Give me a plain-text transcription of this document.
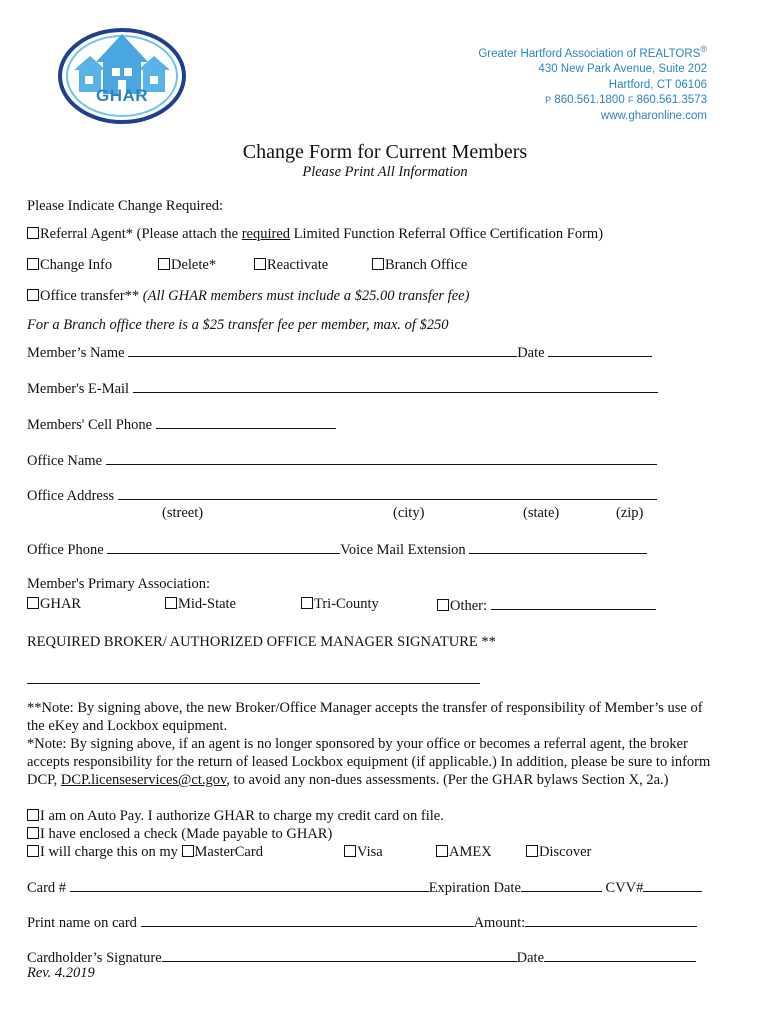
GHAR
Greater Hartford Association of REALTORS®
430 New Park Avenue, Suite 202
Hartford, CT 06106
P 860.561.1800 F 860.561.3573
www.gharonline.com
Change Form for Current Members
Please Print All Information
Please Indicate Change Required:
Referral Agent* (Please attach the required Limited Function Referral Office Certification Form)
Change Info	Delete*	Reactivate	Branch Office
Office transfer** (All GHAR members must include a $25.00 transfer fee)
For a Branch office there is a $25 transfer fee per member, max. of $250
Member’s Name	Date
Member's E-Mail
Members' Cell Phone
Office Name
Office Address
(street)	(city)	(state)	(zip)
Office Phone	Voice Mail Extension
Member's Primary Association:
GHAR	Mid-State	Tri-County	Other:
REQUIRED BROKER/ AUTHORIZED OFFICE MANAGER SIGNATURE **
**Note: By signing above, the new Broker/Office Manager accepts the transfer of responsibility of Member’s use of
the eKey and Lockbox equipment.
*Note: By signing above, if an agent is no longer sponsored by your office or becomes a referral agent, the broker
accepts responsibility for the return of leased Lockbox equipment (if applicable.) In addition, please be sure to inform
DCP, DCP.licenseservices@ct.gov, to avoid any non-dues assessments. (Per the GHAR bylaws Section X, 2a.)
I am on Auto Pay. I authorize GHAR to charge my credit card on file.
I have enclosed a check (Made payable to GHAR)
I will charge this on my MasterCard	Visa	AMEX	Discover
Card #	Expiration Date	CVV#
Print name on card	Amount:
Cardholder’s Signature	Date
Rev. 4.2019
